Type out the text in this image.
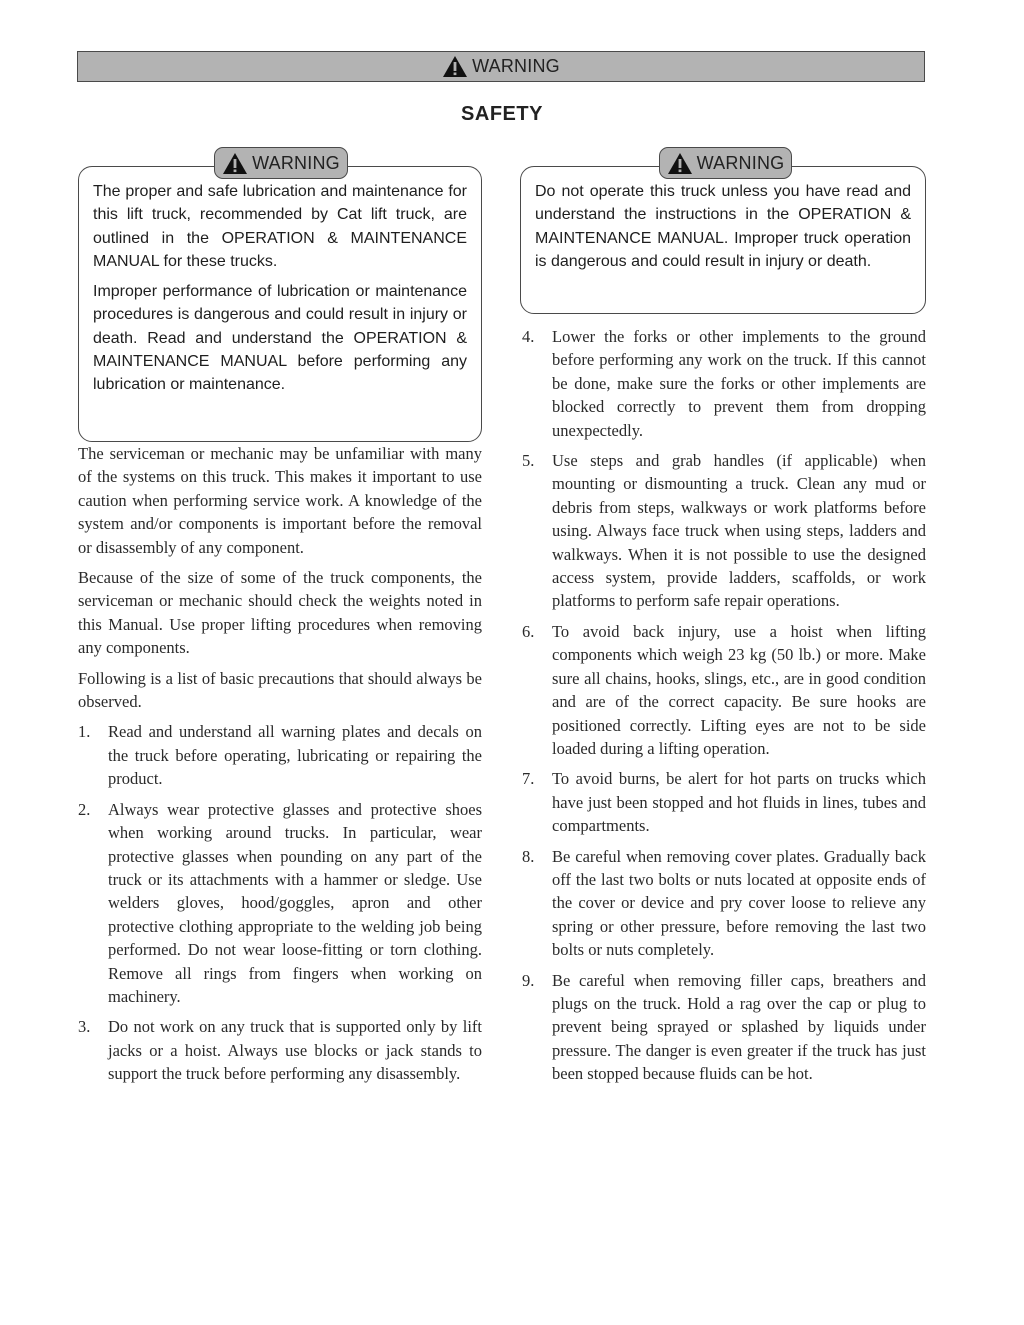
WARNING
SAFETY

The proper and safe lubrication and maintenance for this lift truck, recommended by Cat lift truck, are outlined in the OPERATION & MAINTENANCE MANUAL for these trucks.

Improper performance of lubrication or maintenance procedures is dangerous and could result in injury or death. Read and understand the OPERATION & MAINTENANCE MANUAL before performing any lubrication or maintenance.

WARNING

The serviceman or mechanic may be unfamiliar with many of the systems on this truck. This makes it important to use caution when performing service work. A knowledge of the system and/or components is important before the removal or disassembly of any component.

Because of the size of some of the truck components, the serviceman or mechanic should check the weights noted in this Manual. Use proper lifting procedures when removing any components.

Following is a list of basic precautions that should always be observed.

1. Read and understand all warning plates and decals on the truck before operating, lubricating or repairing the product.
2. Always wear protective glasses and protective shoes when working around trucks. In particular, wear protective glasses when pounding on any part of the truck or its attachments with a hammer or sledge. Use welders gloves, hood/goggles, apron and other protective clothing appropriate to the welding job being performed. Do not wear loose-fitting or torn clothing. Remove all rings from fingers when working on machinery.
3. Do not work on any truck that is supported only by lift jacks or a hoist. Always use blocks or jack stands to support the truck before performing any disassembly.

Do not operate this truck unless you have read and understand the instructions in the OPERATION & MAINTENANCE MANUAL. Improper truck operation is dangerous and could result in injury or death.

WARNING
4. Lower the forks or other implements to the ground before performing any work on the truck. If this cannot be done, make sure the forks or other implements are blocked correctly to prevent them from dropping unexpectedly.
5. Use steps and grab handles (if applicable) when mounting or dismounting a truck. Clean any mud or debris from steps, walkways or work platforms before using. Always face truck when using steps, ladders and walkways. When it is not possible to use the designed access system, provide ladders, scaffolds, or work platforms to perform safe repair operations.
6. To avoid back injury, use a hoist when lifting components which weigh 23 kg (50 lb.) or more. Make sure all chains, hooks, slings, etc., are in good condition and are of the correct capacity. Be sure hooks are positioned correctly. Lifting eyes are not to be side loaded during a lifting operation.
7. To avoid burns, be alert for hot parts on trucks which have just been stopped and hot fluids in lines, tubes and compartments.
8. Be careful when removing cover plates. Gradually back off the last two bolts or nuts located at opposite ends of the cover or device and pry cover loose to relieve any spring or other pressure, before removing the last two bolts or nuts completely.
9. Be careful when removing filler caps, breathers and plugs on the truck. Hold a rag over the cap or plug to prevent being sprayed or splashed by liquids under pressure. The danger is even greater if the truck has just been stopped because fluids can be hot.
